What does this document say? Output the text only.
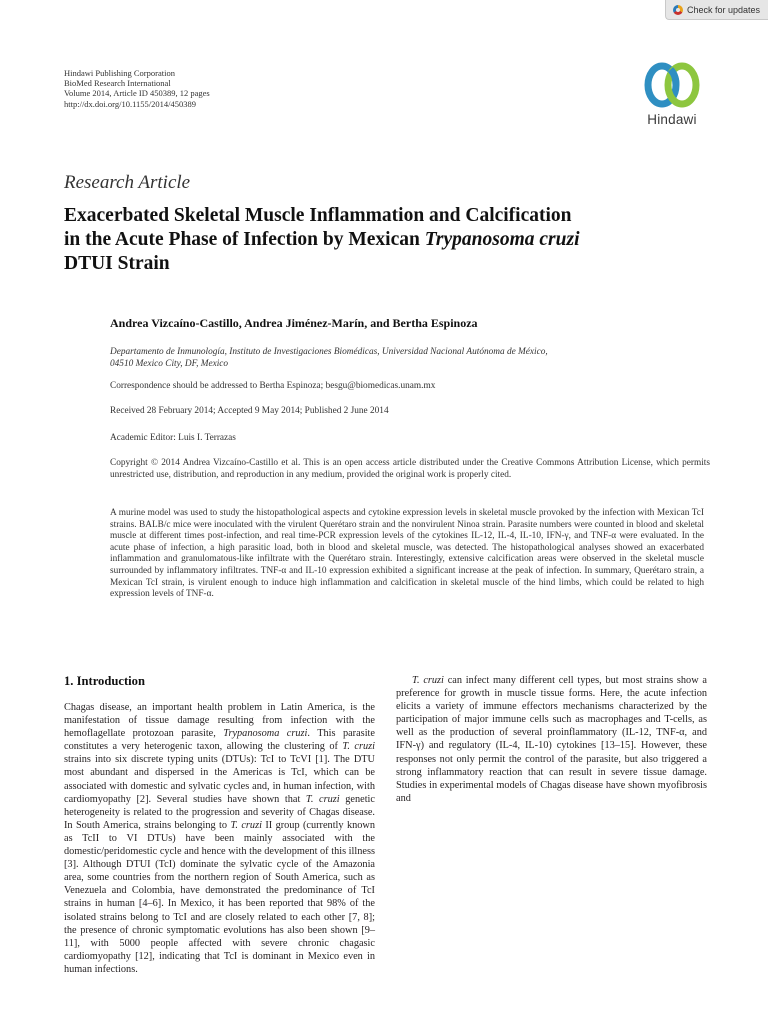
Check for updates
Hindawi Publishing Corporation
BioMed Research International
Volume 2014, Article ID 450389, 12 pages
http://dx.doi.org/10.1155/2014/450389
Hindawi
Research Article
Exacerbated Skeletal Muscle Inflammation and Calcification
in the Acute Phase of Infection by Mexican Trypanosoma cruzi
DTUI Strain
Andrea Vizcaíno-Castillo, Andrea Jiménez-Marín, and Bertha Espinoza
Departamento de Inmunología, Instituto de Investigaciones Biomédicas, Universidad Nacional Autónoma de México,
04510 Mexico City, DF, Mexico
Correspondence should be addressed to Bertha Espinoza; besgu@biomedicas.unam.mx
Received 28 February 2014; Accepted 9 May 2014; Published 2 June 2014
Academic Editor: Luis I. Terrazas
Copyright © 2014 Andrea Vizcaíno-Castillo et al. This is an open access article distributed under the Creative Commons Attribution License, which permits unrestricted use, distribution, and reproduction in any medium, provided the original work is properly cited.
A murine model was used to study the histopathological aspects and cytokine expression levels in skeletal muscle provoked by the infection with Mexican TcI strains. BALB/c mice were inoculated with the virulent Querétaro strain and the nonvirulent Ninoa strain. Parasite numbers were counted in blood and skeletal muscle at different times post-infection, and real time-PCR expression levels of the cytokines IL-12, IL-4, IL-10, IFN-γ, and TNF-α were evaluated. In the acute phase of infection, a high parasitic load, both in blood and skeletal muscle, was detected. The histopathological analyses showed an exacerbated inflammation and granulomatous-like infiltrate with the Querétaro strain. Interestingly, extensive calcification areas were observed in the skeletal muscle surrounded by inflammatory infiltrates. TNF-α and IL-10 expression exhibited a significant increase at the peak of infection. In summary, Querétaro strain, a Mexican TcI strain, is virulent enough to induce high inflammation and calcification in skeletal muscle of the hind limbs, which could be related to high expression levels of TNF-α.
1. Introduction

Chagas disease, an important health problem in Latin America, is the manifestation of tissue damage resulting from infection with the hemoflagellate protozoan parasite, Trypanosoma cruzi. This parasite constitutes a very heterogenic taxon, allowing the clustering of T. cruzi strains into six discrete typing units (DTUs): TcI to TcVI [1]. The DTU most abundant and dispersed in the Americas is TcI, which can be associated with domestic and sylvatic cycles and, in human infection, with cardiomyopathy [2]. Several studies have shown that T. cruzi genetic heterogeneity is related to the progression and severity of Chagas disease. In South America, strains belonging to T. cruzi II group (currently known as TcII to VI DTUs) have been mainly associated with the domestic/peridomestic cycle and hence with the development of this illness [3]. Although DTUI (TcI) dominate the sylvatic cycle of the Amazonia area, some countries from the northern region of South America, such as Venezuela and Colombia, have demonstrated the predominance of TcI strains in human [4–6]. In Mexico, it has been reported that 98% of the isolated strains belong to TcI and are closely related to each other [7, 8]; the presence of chronic symptomatic evolutions has also been shown [9–11], with 5000 people affected with severe chronic chagasic cardiomyopathy [12], indicating that TcI is dominant in Mexico even in human infections.

T. cruzi can infect many different cell types, but most strains show a preference for growth in muscle tissue forms. Here, the acute infection elicits a variety of immune effectors mechanisms characterized by the participation of major immune cells such as macrophages and T-cells, as well as the production of several proinflammatory (IL-12, TNF-α, and IFN-γ) and regulatory (IL-4, IL-10) cytokines [13–15]. However, these responses not only permit the control of the parasite, but also triggered a strong inflammatory reaction that can result in severe tissue damage. Studies in experimental models of Chagas disease have shown myofibrosis and
